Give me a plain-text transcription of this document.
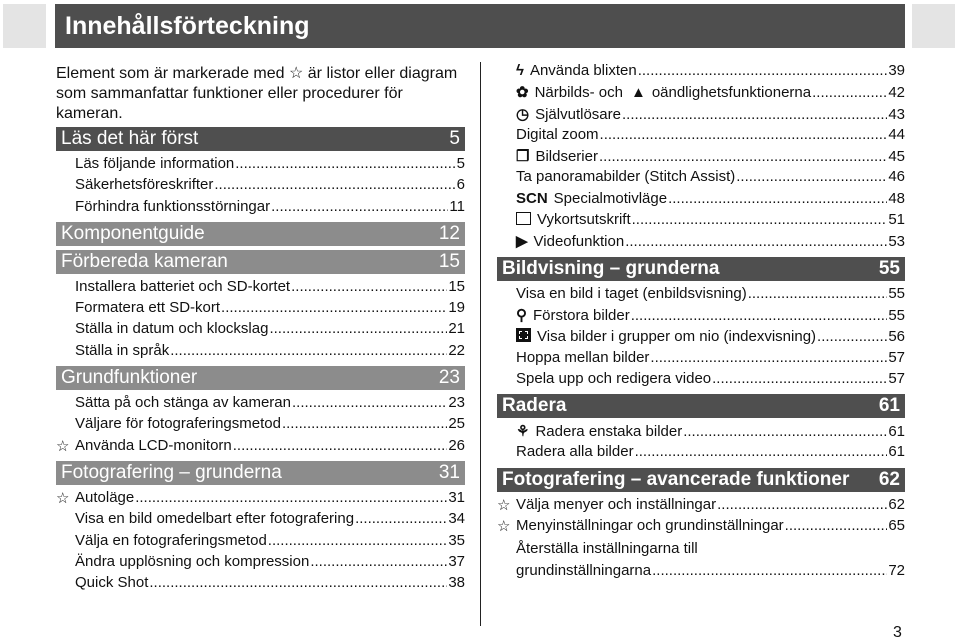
Innehållsförteckning

Element som är markerade med ☆ är listor eller diagram som sammanfattar funktioner eller procedurer för kameran.

Läs det här först	5
Läs följande information .....	5
Säkerhetsföreskrifter .....	6
Förhindra funktionsstörningar .....	11
Komponentguide	12
Förbereda kameran	15
Installera batteriet och SD-kortet .....	15
Formatera ett SD-kort .....	19
Ställa in datum och klockslag .....	21
Ställa in språk .....	22
Grundfunktioner	23
Sätta på och stänga av kameran .....	23
Väljare för fotograferingsmetod .....	25
☆ Använda LCD-monitorn .....	26
Fotografering – grunderna	31
☆ Autoläge .....	31
Visa en bild omedelbart efter fotografering .....	34
Välja en fotograferingsmetod .....	35
Ändra upplösning och kompression .....	37
Quick Shot .....	38
ϟ Använda blixten .....	39
✿ Närbilds- och ▲ oändlighetsfunktionerna .....	42
◷ Självutlösare .....	43
Digital zoom .....	44
❐ Bildserier .....	45
Ta panoramabilder (Stitch Assist) .....	46
SCN Specialmotivläge .....	48
Vykortsutskrift .....	51
▶ Videofunktion .....	53
Bildvisning – grunderna	55
Visa en bild i taget (enbildsvisning) .....	55
⚲ Förstora bilder .....	55
Visa bilder i grupper om nio (indexvisning) .....	56
Hoppa mellan bilder .....	57
Spela upp och redigera video .....	57
Radera	61
⚘ Radera enstaka bilder .....	61
Radera alla bilder .....	61
Fotografering – avancerade funktioner 62
☆ Välja menyer och inställningar .....	62
☆ Menyinställningar och grundinställningar .....	65
Återställa inställningarna till
grundinställningarna .....	72
3
